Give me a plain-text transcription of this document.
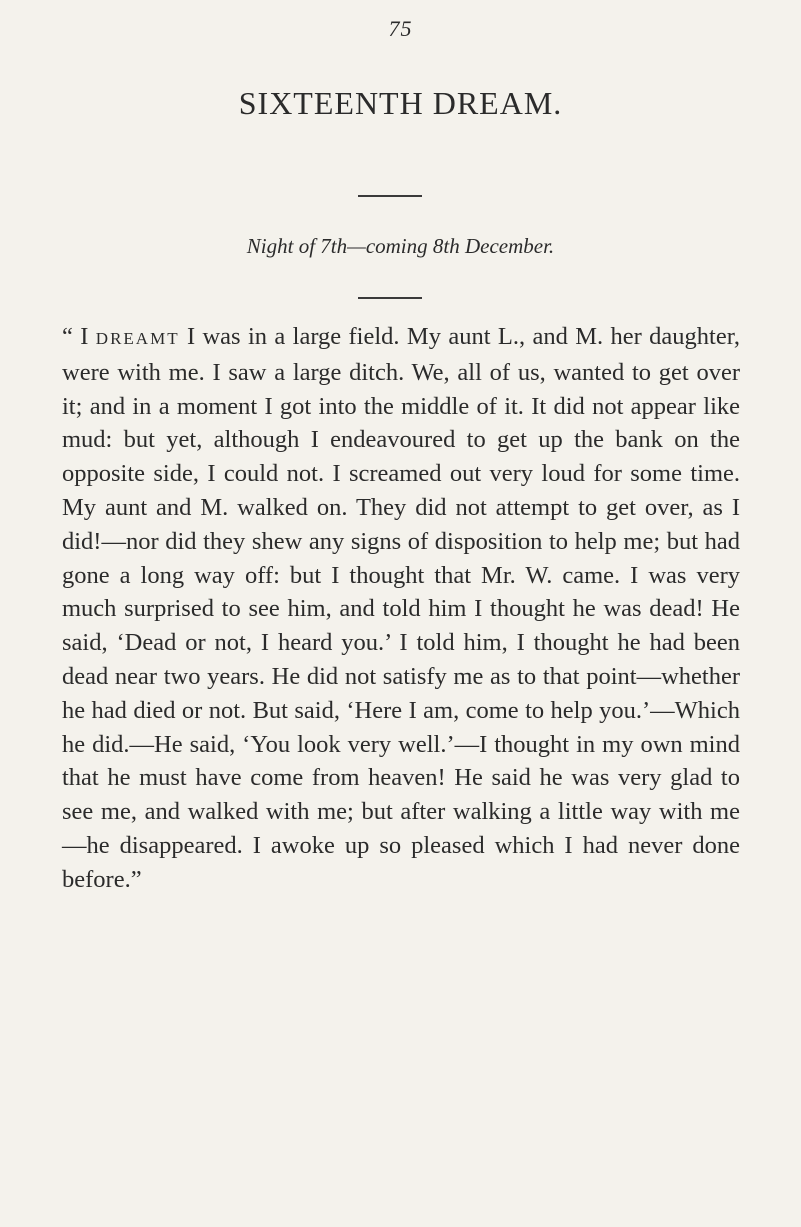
75
SIXTEENTH DREAM.
Night of 7th—coming 8th December.

“ I DREAMT I was in a large field. My aunt L., and M. her daughter, were with me. I saw a large ditch. We, all of us, wanted to get over it; and in a moment I got into the middle of it. It did not appear like mud: but yet, although I endeavoured to get up the bank on the opposite side, I could not. I screamed out very loud for some time. My aunt and M. walked on. They did not attempt to get over, as I did!—nor did they shew any signs of disposition to help me; but had gone a long way off: but I thought that Mr. W. came. I was very much surprised to see him, and told him I thought he was dead! He said, ‘Dead or not, I heard you.’ I told him, I thought he had been dead near two years. He did not satisfy me as to that point—whether he had died or not. But said, ‘Here I am, come to help you.’—Which he did.—He said, ‘You look very well.’—I thought in my own mind that he must have come from heaven! He said he was very glad to see me, and walked with me; but after walking a little way with me—he disappeared. I awoke up so pleased which I had never done before.”
